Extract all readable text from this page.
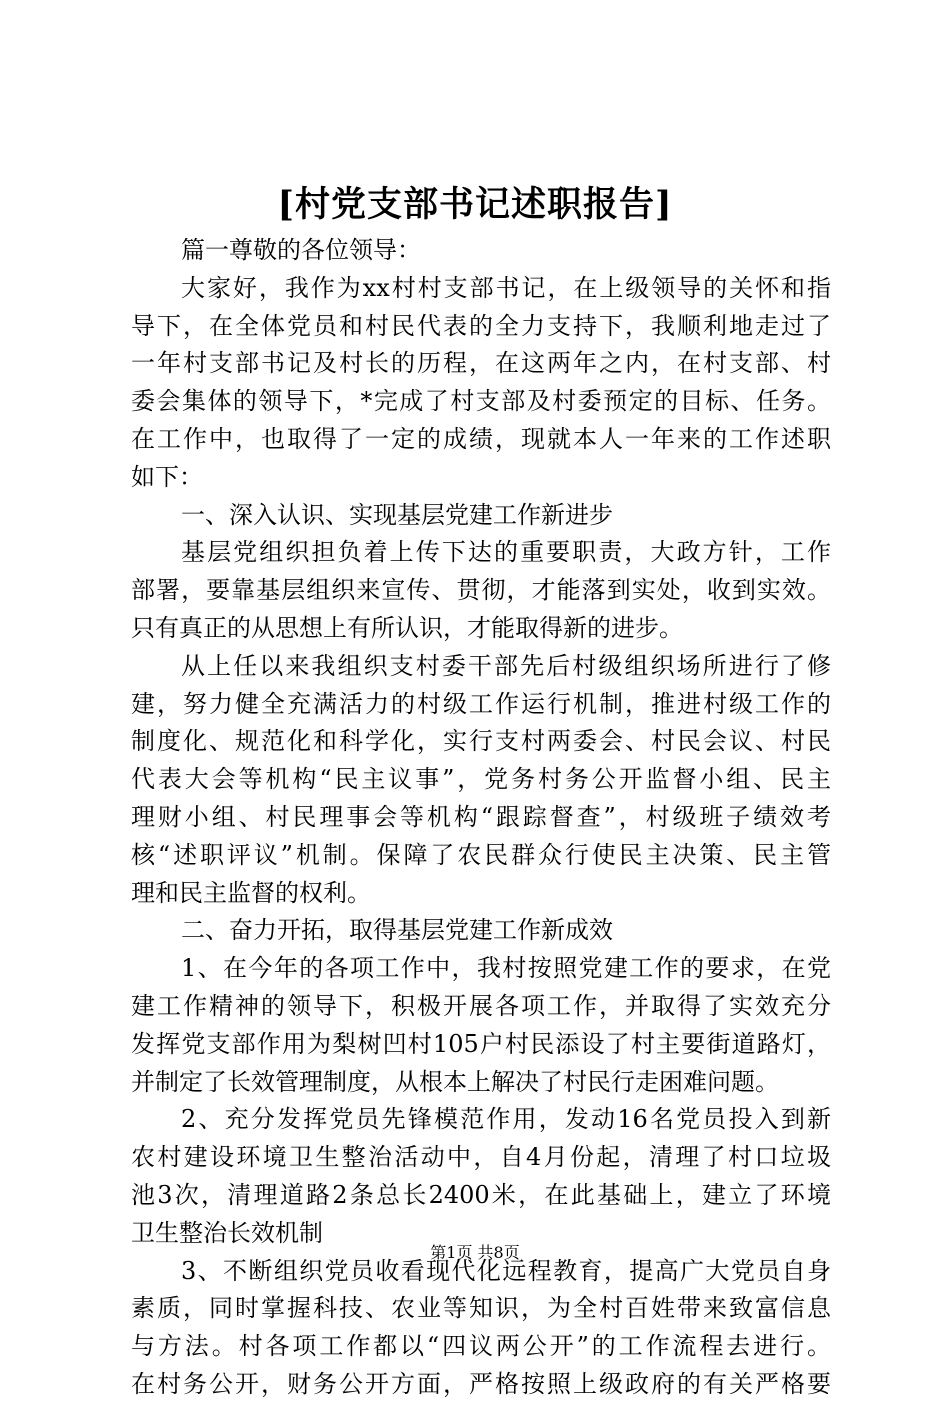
[村党支部书记述职报告]
篇一尊敬的各位领导：
大家好，我作为xx村村支部书记，在上级领导的关怀和指
导下，在全体党员和村民代表的全力支持下，我顺利地走过了
一年村支部书记及村长的历程，在这两年之内，在村支部、村
委会集体的领导下，*完成了村支部及村委预定的目标、任务。
在工作中，也取得了一定的成绩，现就本人一年来的工作述职
如下：
一、深入认识、实现基层党建工作新进步
基层党组织担负着上传下达的重要职责，大政方针，工作
部署，要靠基层组织来宣传、贯彻，才能落到实处，收到实效。
只有真正的从思想上有所认识，才能取得新的进步。
从上任以来我组织支村委干部先后村级组织场所进行了修
建，努力健全充满活力的村级工作运行机制，推进村级工作的
制度化、规范化和科学化，实行支村两委会、村民会议、村民
代表大会等机构“民主议事”，党务村务公开监督小组、民主
理财小组、村民理事会等机构“跟踪督查”，村级班子绩效考
核“述职评议”机制。保障了农民群众行使民主决策、民主管
理和民主监督的权利。
二、奋力开拓，取得基层党建工作新成效
1、在今年的各项工作中，我村按照党建工作的要求，在党
建工作精神的领导下，积极开展各项工作，并取得了实效充分
发挥党支部作用为梨树凹村105户村民添设了村主要街道路灯，
并制定了长效管理制度，从根本上解决了村民行走困难问题。
2、充分发挥党员先锋模范作用，发动16名党员投入到新
农村建设环境卫生整治活动中，自4月份起，清理了村口垃圾
池3次，清理道路2条总长2400米，在此基础上，建立了环境
卫生整治长效机制
3、不断组织党员收看现代化远程教育，提高广大党员自身
素质，同时掌握科技、农业等知识，为全村百姓带来致富信息
与方法。村各项工作都以“四议两公开”的工作流程去进行。
在村务公开，财务公开方面，严格按照上级政府的有关严格要
第1页 共8页
